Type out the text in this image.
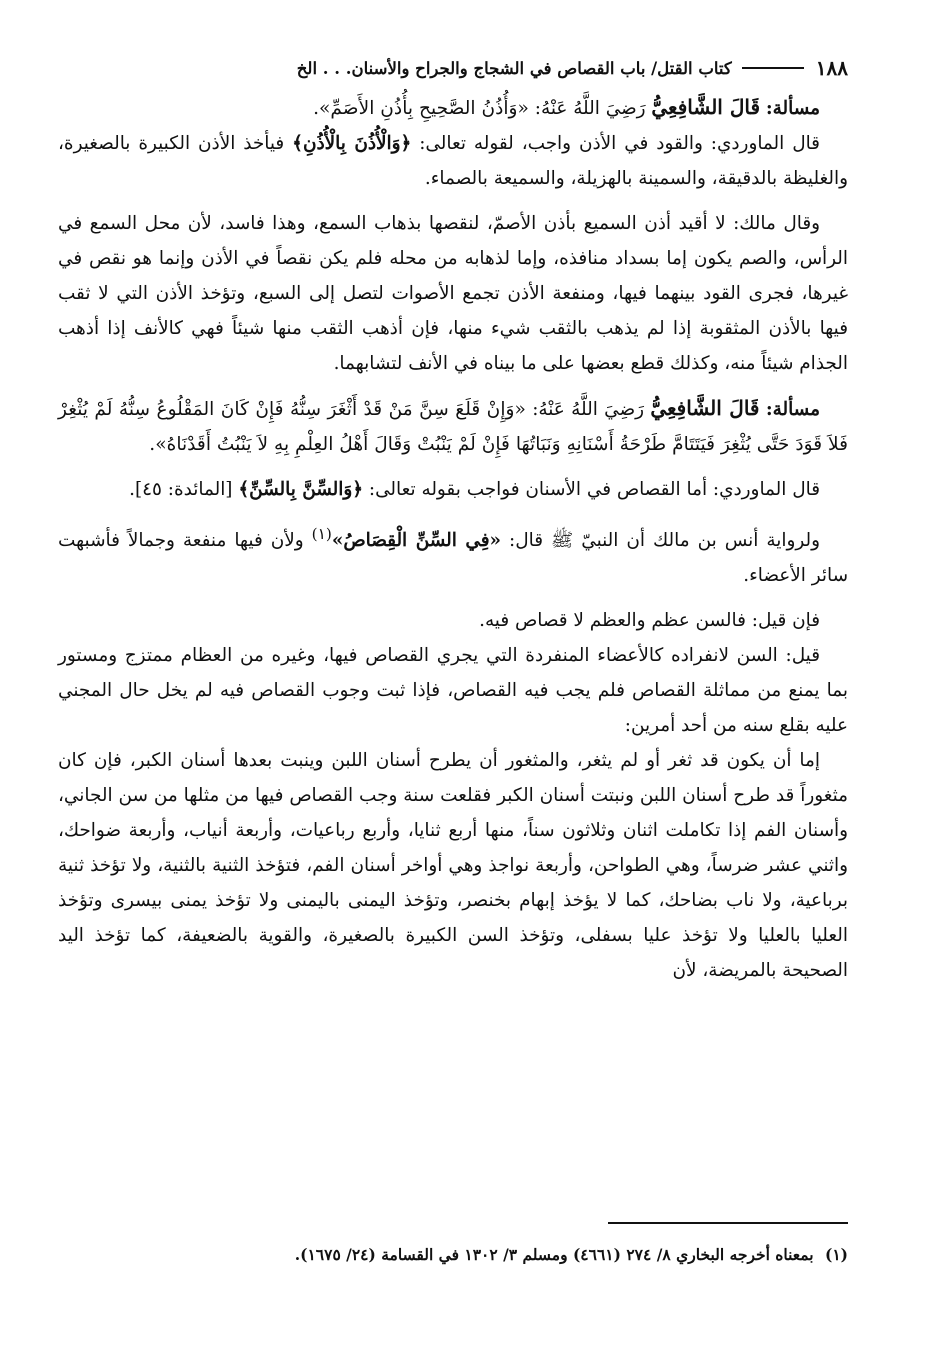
١٨٨
كتاب القتل/ باب القصاص في الشجاج والجراح والأسنان. . . الخ

مسألة: قَالَ الشَّافِعِيُّ رَضِيَ اللَّهُ عَنْهُ: «وَأُذُنُ الصَّحِيحِ بِأُذُنِ الأَصَمِّ».

قال الماوردي: والقود في الأذن واجب، لقوله تعالى: ﴿وَالْأُذُنَ بِالْأُذُنِ﴾ فيأخذ الأذن الكبيرة بالصغيرة، والغليظة بالدقيقة، والسمينة بالهزيلة، والسميعة بالصماء.

وقال مالك: لا أقيد أذن السميع بأذن الأصمّ، لنقصها بذهاب السمع، وهذا فاسد، لأن محل السمع في الرأس، والصم يكون إما بسداد منافذه، وإما لذهابه من محله فلم يكن نقصاً في الأذن وإنما هو نقص في غيرها، فجرى القود بينهما فيها، ومنفعة الأذن تجمع الأصوات لتصل إلى السبع، وتؤخذ الأذن التي لا ثقب فيها بالأذن المثقوبة إذا لم يذهب بالثقب شيء منها، فإن أذهب الثقب منها شيئاً فهي كالأنف إذا أذهب الجذام شيئاً منه، وكذلك قطع بعضها على ما بيناه في الأنف لتشابهما.

مسألة: قَالَ الشَّافِعِيُّ رَضِيَ اللَّهُ عَنْهُ: «وَإِنْ قَلَعَ سِنَّ مَنْ قَدْ أَثْغَرَ سِنُّهُ فَإِنْ كَانَ المَقْلُوعُ سِنُّهُ لَمْ يُثْغِرْ فَلاَ قَوَدَ حَتَّى يُثْغِرَ فَيَتَتَامَّ طَرْحَةُ أَسْنَانِهِ وَنَبَاتُهَا فَإِنْ لَمْ يَنْبُتْ وَقَالَ أَهْلُ العِلْمِ بِهِ لاَ يَنْبُتُ أَقَدْنَاهُ».

قال الماوردي: أما القصاص في الأسنان فواجب بقوله تعالى: ﴿وَالسِّنَّ بِالسِّنِّ﴾ [المائدة: ٤٥].

ولرواية أنس بن مالك أن النبيّ ﷺ قال: «فِي السِّنِّ الْقِصَاصُ»$^{(١)}$ ولأن فيها منفعة وجمالاً فأشبهت سائر الأعضاء.

فإن قيل: فالسن عظم والعظم لا قصاص فيه.

قيل: السن لانفراده كالأعضاء المنفردة التي يجري القصاص فيها، وغيره من العظام ممتزج ومستور بما يمنع من مماثلة القصاص فلم يجب فيه القصاص، فإذا ثبت وجوب القصاص فيه لم يخل حال المجني عليه بقلع سنه من أحد أمرين:

إما أن يكون قد ثغر أو لم يثغر، والمثغور أن يطرح أسنان اللبن وينبت بعدها أسنان الكبر، فإن كان مثغوراً قد طرح أسنان اللبن ونبتت أسنان الكبر فقلعت سنة وجب القصاص فيها من مثلها من سن الجاني، وأسنان الفم إذا تكاملت اثنان وثلاثون سناً، منها أربع ثنايا، وأربع رباعيات، وأربعة أنياب، وأربعة ضواحك، واثني عشر ضرساً، وهي الطواحن، وأربعة نواجذ وهي أواخر أسنان الفم، فتؤخذ الثنية بالثنية، ولا تؤخذ ثنية برباعية، ولا ناب بضاحك، كما لا يؤخذ إبهام بخنصر، وتؤخذ اليمنى باليمنى ولا تؤخذ يمنى بيسرى وتؤخذ العليا بالعليا ولا تؤخذ عليا بسفلى، وتؤخذ السن الكبيرة بالصغيرة، والقوية بالضعيفة، كما تؤخذ اليد الصحيحة بالمريضة، لأن

(١) بمعناه أخرجه البخاري ٨/ ٢٧٤ (٤٦٦١) ومسلم ٣/ ١٣٠٢ في القسامة (٢٤/ ١٦٧٥).
